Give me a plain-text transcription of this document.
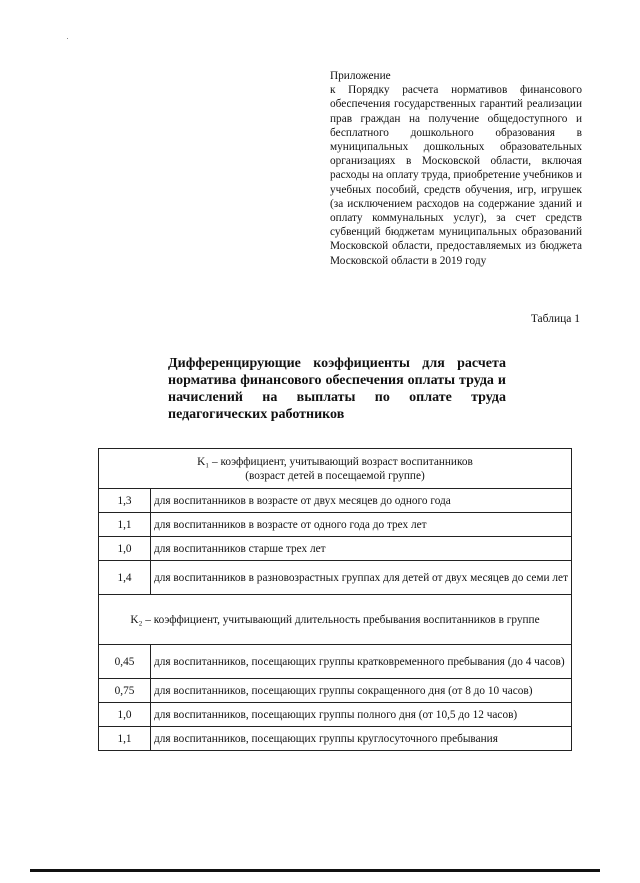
Приложение
к Порядку расчета нормативов финансового обеспечения государственных гарантий реализации прав граждан на получение общедоступного и бесплатного дошкольного образования в муниципальных дошкольных образовательных организациях в Московской области, включая расходы на оплату труда, приобретение учебников и учебных пособий, средств обучения, игр, игрушек (за исключением расходов на содержание зданий и оплату коммунальных услуг), за счет средств субвенций бюджетам муниципальных образований Московской области, предоставляемых из бюджета Московской области в 2019 году
Таблица 1
Дифференцирующие коэффициенты для расчета норматива финансового обеспечения оплаты труда и начислений на выплаты по оплате труда педагогических работников
K₁ – коэффициент, учитывающий возраст воспитанников
(возраст детей в посещаемой группе)	

1,3	для воспитанников в возрасте от двух месяцев до одного года
1,1	для воспитанников в возрасте от одного года до трех лет
1,0	для воспитанников старше трех лет
1,4	для воспитанников в разновозрастных группах для детей от двух месяцев до семи лет
K₂ – коэффициент, учитывающий длительность пребывания воспитанников в группе	
0,45	для воспитанников, посещающих группы кратковременного пребывания (до 4 часов)
0,75	для воспитанников, посещающих группы сокращенного дня (от 8 до 10 часов)
1,0	для воспитанников, посещающих группы полного дня (от 10,5 до 12 часов)
1,1	для воспитанников, посещающих группы круглосуточного пребывания
